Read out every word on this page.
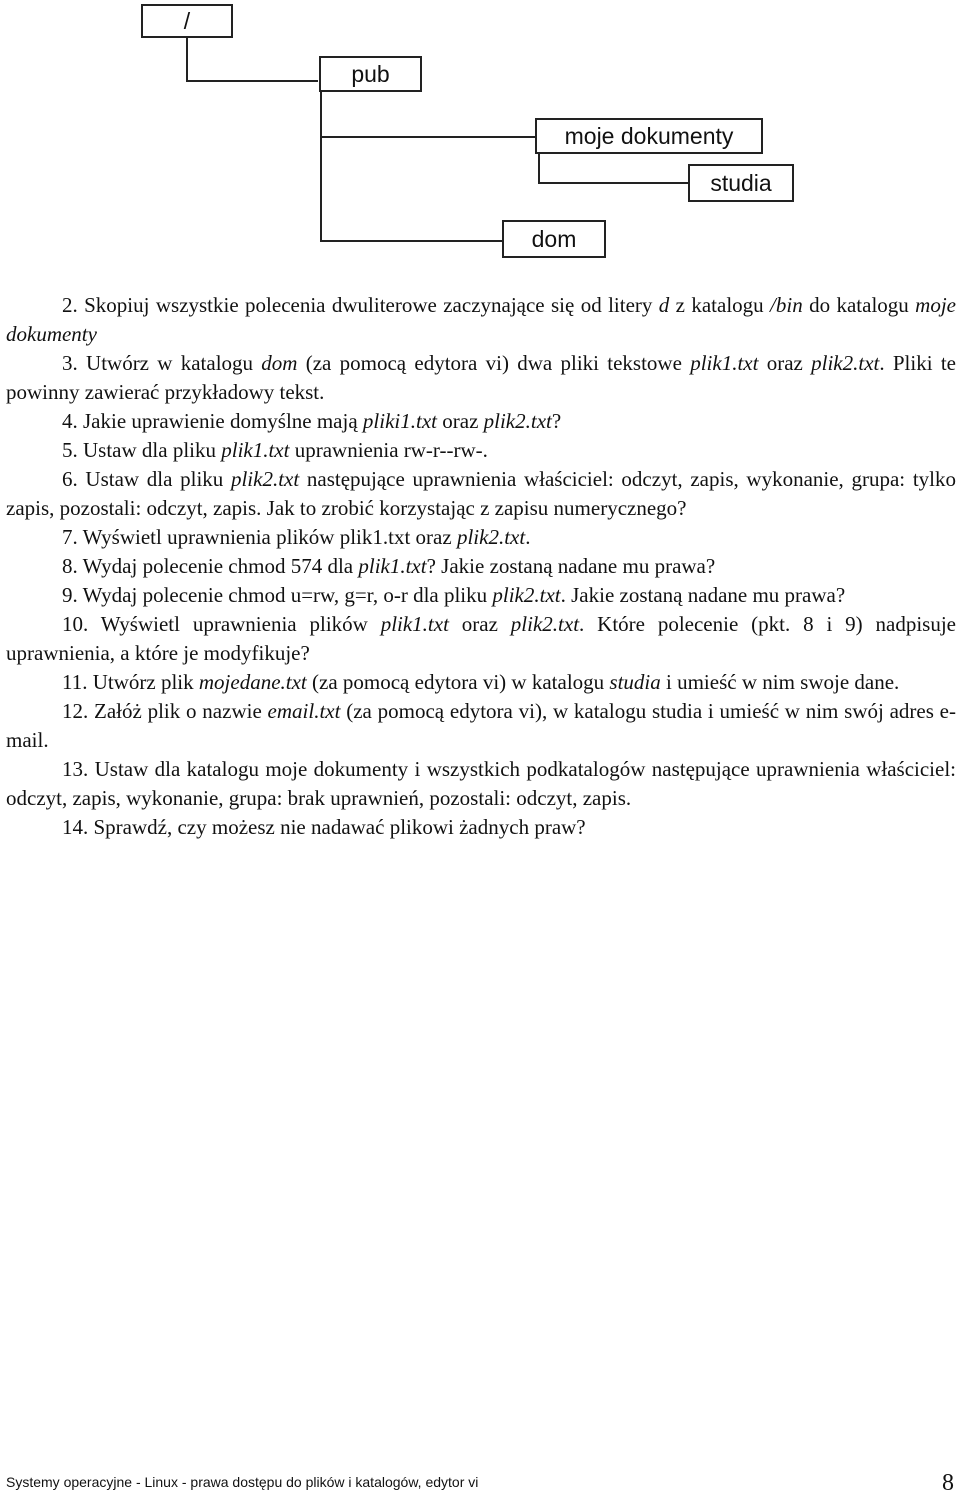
/
pub
moje dokumenty
studia
dom

2. Skopiuj wszystkie polecenia dwuliterowe zaczynające się od litery d z katalogu /bin do katalogu moje dokumenty

3. Utwórz w katalogu dom (za pomocą edytora vi) dwa pliki tekstowe plik1.txt oraz plik2.txt. Pliki te powinny zawierać przykładowy tekst.

4. Jakie uprawienie domyślne mają pliki1.txt oraz plik2.txt?

5. Ustaw dla pliku plik1.txt uprawnienia rw-r--rw-.

6. Ustaw dla pliku plik2.txt następujące uprawnienia właściciel: odczyt, zapis, wykonanie, grupa: tylko zapis, pozostali: odczyt, zapis. Jak to zrobić korzystając z zapisu numerycznego?

7. Wyświetl uprawnienia plików plik1.txt oraz plik2.txt.

8. Wydaj polecenie chmod 574 dla plik1.txt? Jakie zostaną nadane mu prawa?

9. Wydaj polecenie chmod u=rw, g=r, o-r dla pliku plik2.txt. Jakie zostaną nadane mu prawa?

10. Wyświetl uprawnienia plików plik1.txt oraz plik2.txt. Które polecenie (pkt. 8 i 9) nadpisuje uprawnienia, a które je modyfikuje?

11. Utwórz plik mojedane.txt (za pomocą edytora vi) w katalogu studia i umieść w nim swoje dane.

12. Załóż plik o nazwie email.txt (za pomocą edytora vi), w katalogu studia i umieść w nim swój adres e-mail.

13. Ustaw dla katalogu moje dokumenty i wszystkich podkatalogów następujące uprawnienia właściciel: odczyt, zapis, wykonanie, grupa: brak uprawnień, pozostali: odczyt, zapis.

14. Sprawdź, czy możesz nie nadawać plikowi żadnych praw?

Systemy operacyjne - Linux - prawa dostępu do plików i katalogów, edytor vi	8
